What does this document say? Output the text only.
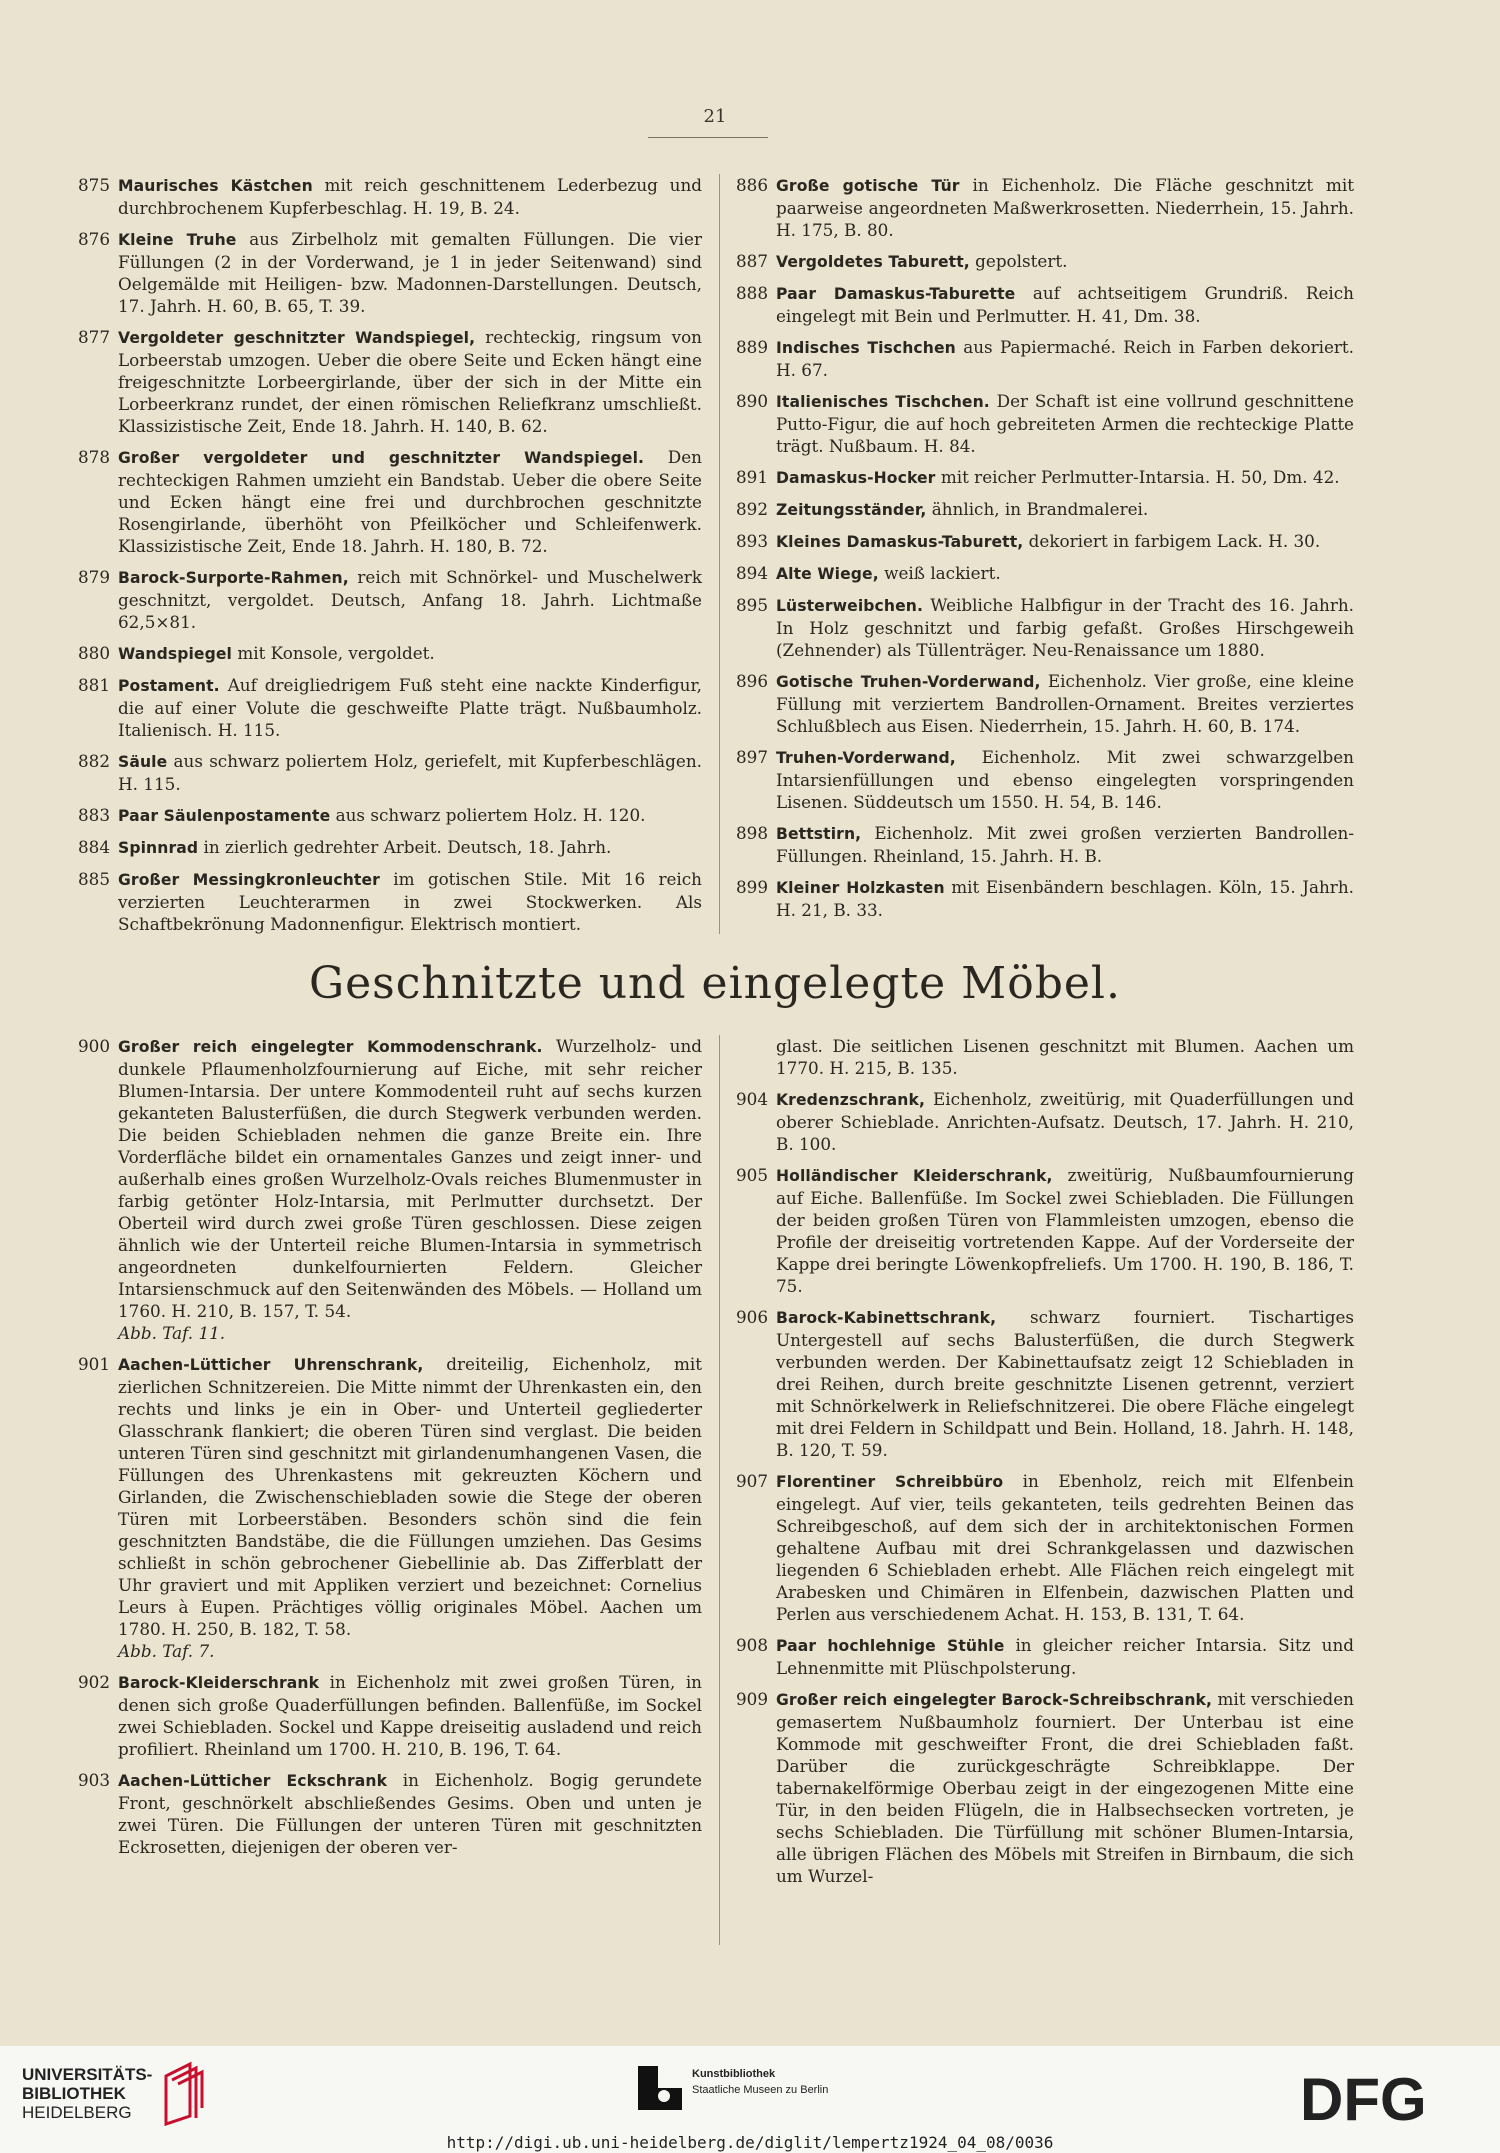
21
875 Maurisches Kästchen mit reich geschnittenem Lederbezug und durchbrochenem Kupferbeschlag. H. 19, B. 24.
876 Kleine Truhe aus Zirbelholz mit gemalten Füllungen. Die vier Füllungen (2 in der Vorderwand, je 1 in jeder Seitenwand) sind Oelgemälde mit Heiligen- bzw. Madonnen-Darstellungen. Deutsch, 17. Jahrh. H. 60, B. 65, T. 39.
877 Vergoldeter geschnitzter Wandspiegel, rechteckig, ringsum von Lorbeerstab umzogen. Ueber die obere Seite und Ecken hängt eine freigeschnitzte Lorbeergirlande, über der sich in der Mitte ein Lorbeerkranz rundet, der einen römischen Reliefkranz umschließt. Klassizistische Zeit, Ende 18. Jahrh. H. 140, B. 62.
878 Großer vergoldeter und geschnitzter Wandspiegel. Den rechteckigen Rahmen umzieht ein Bandstab. Ueber die obere Seite und Ecken hängt eine frei und durchbrochen geschnitzte Rosengirlande, überhöht von Pfeilköcher und Schleifenwerk. Klassizistische Zeit, Ende 18. Jahrh. H. 180, B. 72.
879 Barock-Surporte-Rahmen, reich mit Schnörkel- und Muschelwerk geschnitzt, vergoldet. Deutsch, Anfang 18. Jahrh. Lichtmaße 62,5×81.
880 Wandspiegel mit Konsole, vergoldet.
881 Postament. Auf dreigliedrigem Fuß steht eine nackte Kinderfigur, die auf einer Volute die geschweifte Platte trägt. Nußbaumholz. Italienisch. H. 115.
882 Säule aus schwarz poliertem Holz, geriefelt, mit Kupferbeschlägen. H. 115.
883 Paar Säulenpostamente aus schwarz poliertem Holz. H. 120.
884 Spinnrad in zierlich gedrehter Arbeit. Deutsch, 18. Jahrh.
885 Großer Messingkronleuchter im gotischen Stile. Mit 16 reich verzierten Leuchterarmen in zwei Stockwerken. Als Schaftbekrönung Madonnenfigur. Elektrisch montiert.
886 Große gotische Tür in Eichenholz. Die Fläche geschnitzt mit paarweise angeordneten Maßwerkrosetten. Niederrhein, 15. Jahrh. H. 175, B. 80.
887 Vergoldetes Taburett, gepolstert.
888 Paar Damaskus-Taburette auf achtseitigem Grundriß. Reich eingelegt mit Bein und Perlmutter. H. 41, Dm. 38.
889 Indisches Tischchen aus Papiermaché. Reich in Farben dekoriert. H. 67.
890 Italienisches Tischchen. Der Schaft ist eine vollrund geschnittene Putto-Figur, die auf hoch gebreiteten Armen die rechteckige Platte trägt. Nußbaum. H. 84.
891 Damaskus-Hocker mit reicher Perlmutter-Intarsia. H. 50, Dm. 42.
892 Zeitungsständer, ähnlich, in Brandmalerei.
893 Kleines Damaskus-Taburett, dekoriert in farbigem Lack. H. 30.
894 Alte Wiege, weiß lackiert.
895 Lüsterweibchen. Weibliche Halbfigur in der Tracht des 16. Jahrh. In Holz geschnitzt und farbig gefaßt. Großes Hirschgeweih (Zehnender) als Tüllenträger. Neu-Renaissance um 1880.
896 Gotische Truhen-Vorderwand, Eichenholz. Vier große, eine kleine Füllung mit verziertem Bandrollen-Ornament. Breites verziertes Schlußblech aus Eisen. Niederrhein, 15. Jahrh. H. 60, B. 174.
897 Truhen-Vorderwand, Eichenholz. Mit zwei schwarzgelben Intarsienfüllungen und ebenso eingelegten vorspringenden Lisenen. Süddeutsch um 1550. H. 54, B. 146.
898 Bettstirn, Eichenholz. Mit zwei großen verzierten Bandrollen-Füllungen. Rheinland, 15. Jahrh. H. B.
899 Kleiner Holzkasten mit Eisenbändern beschlagen. Köln, 15. Jahrh. H. 21, B. 33.
Geschnitzte und eingelegte Möbel.
900 Großer reich eingelegter Kommodenschrank. Wurzelholz- und dunkele Pflaumenholzfournierung auf Eiche, mit sehr reicher Blumen-Intarsia. Der untere Kommodenteil ruht auf sechs kurzen gekanteten Balusterfüßen, die durch Stegwerk verbunden werden. Die beiden Schiebladen nehmen die ganze Breite ein. Ihre Vorderfläche bildet ein ornamentales Ganzes und zeigt inner- und außerhalb eines großen Wurzelholz-Ovals reiches Blumenmuster in farbig getönter Holz-Intarsia, mit Perlmutter durchsetzt. Der Oberteil wird durch zwei große Türen geschlossen. Diese zeigen ähnlich wie der Unterteil reiche Blumen-Intarsia in symmetrisch angeordneten dunkelfournierten Feldern. Gleicher Intarsienschmuck auf den Seitenwänden des Möbels. — Holland um 1760. H. 210, B. 157, T. 54.
Abb. Taf. 11.
901 Aachen-Lütticher Uhrenschrank, dreiteilig, Eichenholz, mit zierlichen Schnitzereien. Die Mitte nimmt der Uhrenkasten ein, den rechts und links je ein in Ober- und Unterteil gegliederter Glasschrank flankiert; die oberen Türen sind verglast. Die beiden unteren Türen sind geschnitzt mit girlandenumhangenen Vasen, die Füllungen des Uhrenkastens mit gekreuzten Köchern und Girlanden, die Zwischenschiebladen sowie die Stege der oberen Türen mit Lorbeerstäben. Besonders schön sind die fein geschnitzten Bandstäbe, die die Füllungen umziehen. Das Gesims schließt in schön gebrochener Giebellinie ab. Das Zifferblatt der Uhr graviert und mit Appliken verziert und bezeichnet: Cornelius Leurs à Eupen. Prächtiges völlig originales Möbel. Aachen um 1780. H. 250, B. 182, T. 58.
Abb. Taf. 7.
902 Barock-Kleiderschrank in Eichenholz mit zwei großen Türen, in denen sich große Quaderfüllungen befinden. Ballenfüße, im Sockel zwei Schiebladen. Sockel und Kappe dreiseitig ausladend und reich profiliert. Rheinland um 1700. H. 210, B. 196, T. 64.
903 Aachen-Lütticher Eckschrank in Eichenholz. Bogig gerundete Front, geschnörkelt abschließendes Gesims. Oben und unten je zwei Türen. Die Füllungen der unteren Türen mit geschnitzten Eckrosetten, diejenigen der oberen ver-
glast. Die seitlichen Lisenen geschnitzt mit Blumen. Aachen um 1770. H. 215, B. 135.
904 Kredenzschrank, Eichenholz, zweitürig, mit Quaderfüllungen und oberer Schieblade. Anrichten-Aufsatz. Deutsch, 17. Jahrh. H. 210, B. 100.
905 Holländischer Kleiderschrank, zweitürig, Nußbaumfournierung auf Eiche. Ballenfüße. Im Sockel zwei Schiebladen. Die Füllungen der beiden großen Türen von Flammleisten umzogen, ebenso die Profile der dreiseitig vortretenden Kappe. Auf der Vorderseite der Kappe drei beringte Löwenkopfreliefs. Um 1700. H. 190, B. 186, T. 75.
906 Barock-Kabinettschrank, schwarz fourniert. Tischartiges Untergestell auf sechs Balusterfüßen, die durch Stegwerk verbunden werden. Der Kabinettaufsatz zeigt 12 Schiebladen in drei Reihen, durch breite geschnitzte Lisenen getrennt, verziert mit Schnörkelwerk in Reliefschnitzerei. Die obere Fläche eingelegt mit drei Feldern in Schildpatt und Bein. Holland, 18. Jahrh. H. 148, B. 120, T. 59.
907 Florentiner Schreibbüro in Ebenholz, reich mit Elfenbein eingelegt. Auf vier, teils gekanteten, teils gedrehten Beinen das Schreibgeschoß, auf dem sich der in architektonischen Formen gehaltene Aufbau mit drei Schrankgelassen und dazwischen liegenden 6 Schiebladen erhebt. Alle Flächen reich eingelegt mit Arabesken und Chimären in Elfenbein, dazwischen Platten und Perlen aus verschiedenem Achat. H. 153, B. 131, T. 64.
908 Paar hochlehnige Stühle in gleicher reicher Intarsia. Sitz und Lehnenmitte mit Plüschpolsterung.
909 Großer reich eingelegter Barock-Schreibschrank, mit verschieden gemasertem Nußbaumholz fourniert. Der Unterbau ist eine Kommode mit geschweifter Front, die drei Schiebladen faßt. Darüber die zurückgeschrägte Schreibklappe. Der tabernakelförmige Oberbau zeigt in der eingezogenen Mitte eine Tür, in den beiden Flügeln, die in Halbsechsecken vortreten, je sechs Schiebladen. Die Türfüllung mit schöner Blumen-Intarsia, alle übrigen Flächen des Möbels mit Streifen in Birnbaum, die sich um Wurzel-
UNIVERSITÄTS-
BIBLIOTHEK
HEIDELBERG
Kunstbibliothek
Staatliche Museen zu Berlin	DFG
http://digi.ub.uni-heidelberg.de/diglit/lempertz1924_04_08/0036
